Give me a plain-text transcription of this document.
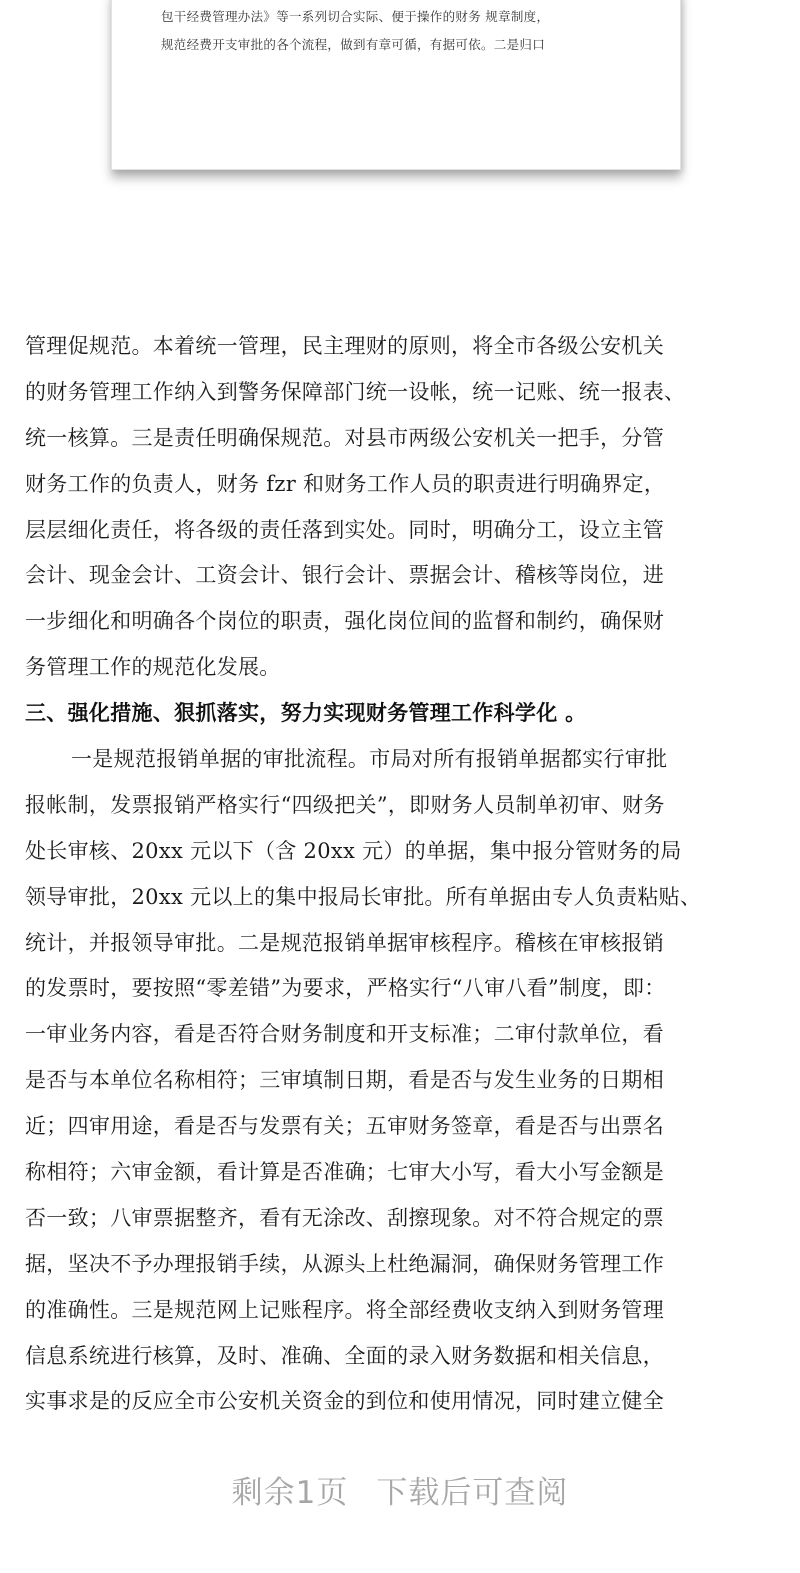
包干经费管理办法》等一系列切合实际、便于操作的财务 规章制度，
规范经费开支审批的各个流程，做到有章可循，有据可依。二是归口
管理促规范。本着统一管理，民主理财的原则，将全市各级公安机关
的财务管理工作纳入到警务保障部门统一设帐，统一记账、统一报表、
统一核算。三是责任明确保规范。对县市两级公安机关一把手，分管
财务工作的负责人，财务 fzr 和财务工作人员的职责进行明确界定，
层层细化责任，将各级的责任落到实处。同时，明确分工，设立主管
会计、现金会计、工资会计、银行会计、票据会计、稽核等岗位，进
一步细化和明确各个岗位的职责，强化岗位间的监督和制约，确保财
务管理工作的规范化发展。
三、强化措施、狠抓落实，努力实现财务管理工作科学化 。
一是规范报销单据的审批流程。市局对所有报销单据都实行审批
报帐制，发票报销严格实行“四级把关”，即财务人员制单初审、财务
处长审核、20xx 元以下（含 20xx 元）的单据，集中报分管财务的局
领导审批，20xx 元以上的集中报局长审批。所有单据由专人负责粘贴、
统计，并报领导审批。二是规范报销单据审核程序。稽核在审核报销
的发票时，要按照“零差错”为要求，严格实行“八审八看”制度，即：
一审业务内容，看是否符合财务制度和开支标准；二审付款单位，看
是否与本单位名称相符；三审填制日期，看是否与发生业务的日期相
近；四审用途，看是否与发票有关；五审财务签章，看是否与出票名
称相符；六审金额，看计算是否准确；七审大小写，看大小写金额是
否一致；八审票据整齐，看有无涂改、刮擦现象。对不符合规定的票
据，坚决不予办理报销手续，从源头上杜绝漏洞，确保财务管理工作
的准确性。三是规范网上记账程序。将全部经费收支纳入到财务管理
信息系统进行核算，及时、准确、全面的录入财务数据和相关信息，
实事求是的反应全市公安机关资金的到位和使用情况，同时建立健全
剩余1页 下载后可查阅
